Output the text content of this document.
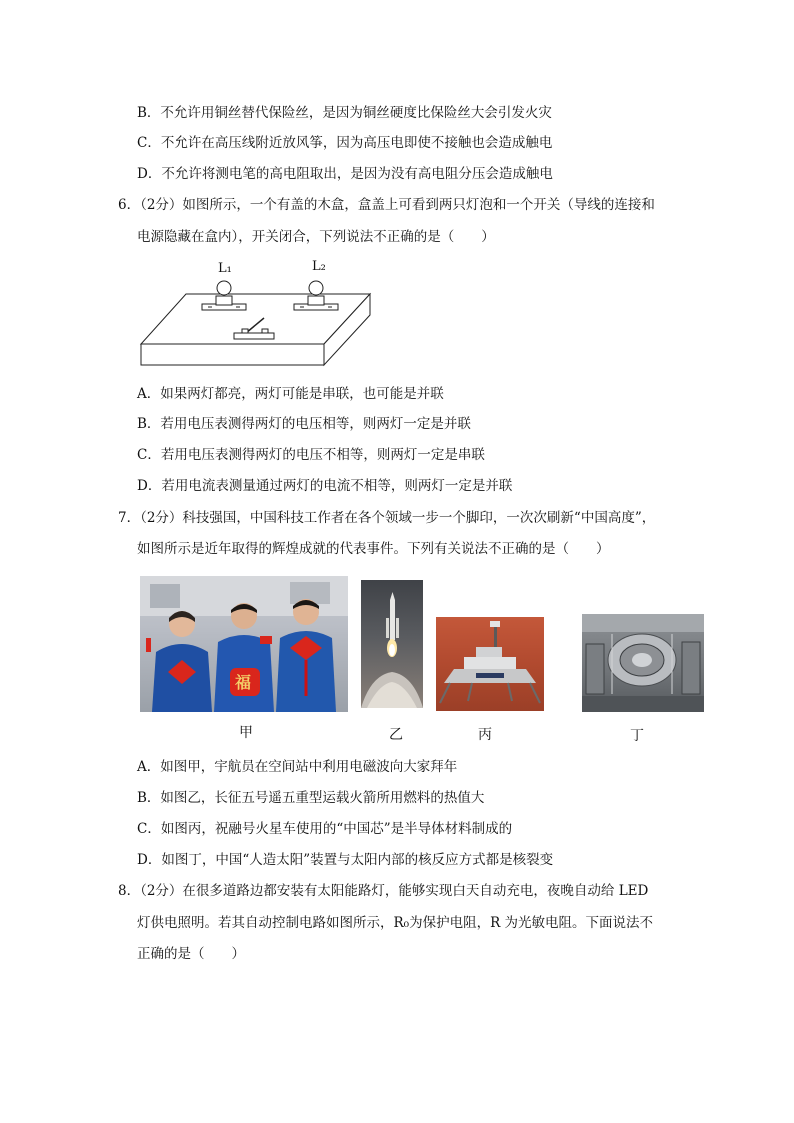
B．不允许用铜丝替代保险丝，是因为铜丝硬度比保险丝大会引发火灾
C．不允许在高压线附近放风筝，因为高压电即使不接触也会造成触电
D．不允许将测电笔的高电阻取出，是因为没有高电阻分压会造成触电
6．（2分）如图所示，一个有盖的木盒，盒盖上可看到两只灯泡和一个开关（导线的连接和
电源隐藏在盒内），开关闭合，下列说法不正确的是（　　）
L₁	L₂
A．如果两灯都亮，两灯可能是串联，也可能是并联
B．若用电压表测得两灯的电压相等，则两灯一定是并联
C．若用电压表测得两灯的电压不相等，则两灯一定是串联
D．若用电流表测量通过两灯的电流不相等，则两灯一定是并联
7．（2分）科技强国，中国科技工作者在各个领域一步一个脚印，一次次刷新“中国高度”，
如图所示是近年取得的辉煌成就的代表事件。下列有关说法不正确的是（　　）
福
甲	乙	丙	丁
A．如图甲，宇航员在空间站中利用电磁波向大家拜年
B．如图乙，长征五号遥五重型运载火箭所用燃料的热值大
C．如图丙，祝融号火星车使用的“中国芯”是半导体材料制成的
D．如图丁，中国“人造太阳”装置与太阳内部的核反应方式都是核裂变
8．（2分）在很多道路边都安装有太阳能路灯，能够实现白天自动充电，夜晚自动给 LED
灯供电照明。若其自动控制电路如图所示，R₀为保护电阻，R 为光敏电阻。下面说法不
正确的是（　　）
